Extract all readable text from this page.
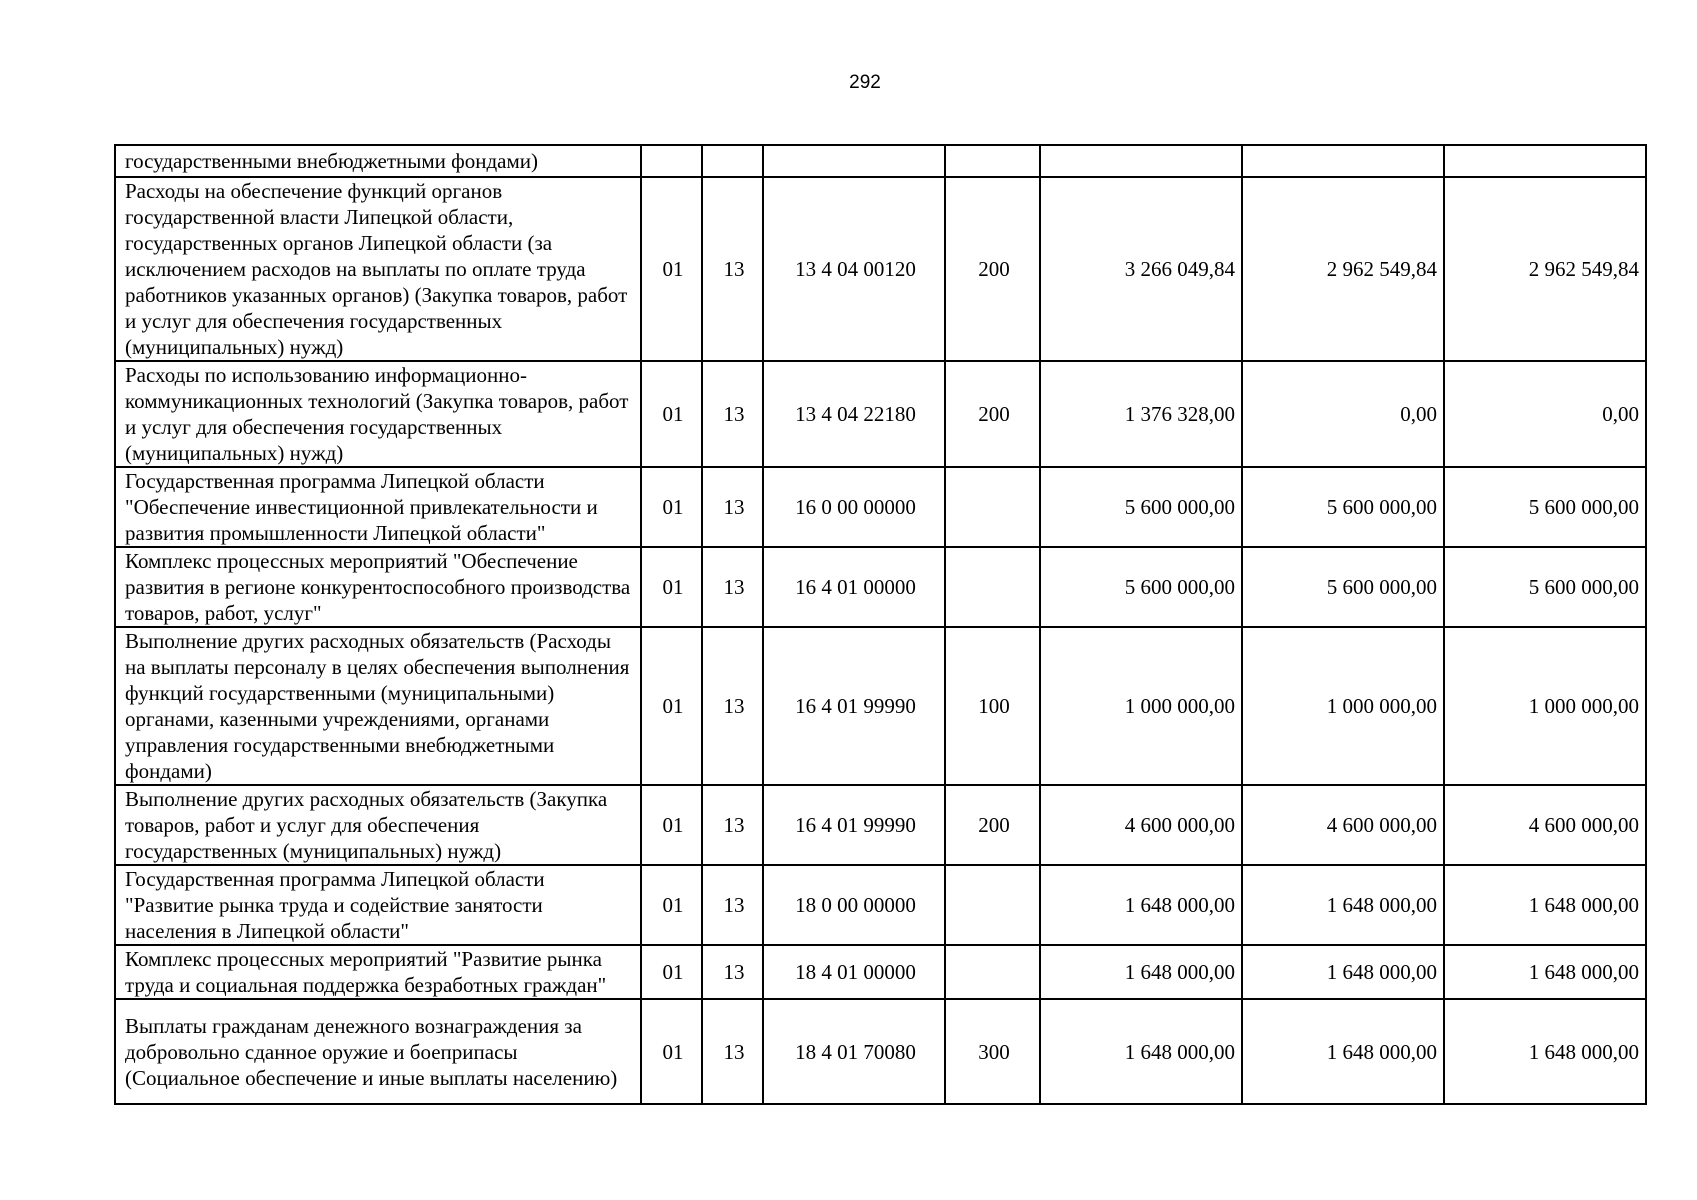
292
государственными внебюджетными фондами)							
Расходы на обеспечение функций органов государственной власти Липецкой области, государственных органов Липецкой области (за исключением расходов на выплаты по оплате труда работников указанных органов) (Закупка товаров, работ и услуг для обеспечения государственных (муниципальных) нужд)	01	13	13 4 04 00120	200	3 266 049,84	2 962 549,84	2 962 549,84
Расходы по использованию информационно-коммуникационных технологий (Закупка товаров, работ и услуг для обеспечения государственных (муниципальных) нужд)	01	13	13 4 04 22180	200	1 376 328,00	0,00	0,00
Государственная программа Липецкой области "Обеспечение инвестиционной привлекательности и развития промышленности Липецкой области"	01	13	16 0 00 00000		5 600 000,00	5 600 000,00	5 600 000,00
Комплекс процессных мероприятий "Обеспечение развития в регионе конкурентоспособного производства товаров, работ, услуг"	01	13	16 4 01 00000		5 600 000,00	5 600 000,00	5 600 000,00
Выполнение других расходных обязательств (Расходы на выплаты персоналу в целях обеспечения выполнения функций государственными (муниципальными) органами, казенными учреждениями, органами управления государственными внебюджетными фондами)	01	13	16 4 01 99990	100	1 000 000,00	1 000 000,00	1 000 000,00
Выполнение других расходных обязательств (Закупка товаров, работ и услуг для обеспечения государственных (муниципальных) нужд)	01	13	16 4 01 99990	200	4 600 000,00	4 600 000,00	4 600 000,00
Государственная программа Липецкой области "Развитие рынка труда и содействие занятости населения в Липецкой области"	01	13	18 0 00 00000		1 648 000,00	1 648 000,00	1 648 000,00
Комплекс процессных мероприятий "Развитие рынка труда и социальная поддержка безработных граждан"	01	13	18 4 01 00000		1 648 000,00	1 648 000,00	1 648 000,00
Выплаты гражданам денежного вознаграждения за добровольно сданное оружие и боеприпасы (Социальное обеспечение и иные выплаты населению)	01	13	18 4 01 70080	300	1 648 000,00	1 648 000,00	1 648 000,00
